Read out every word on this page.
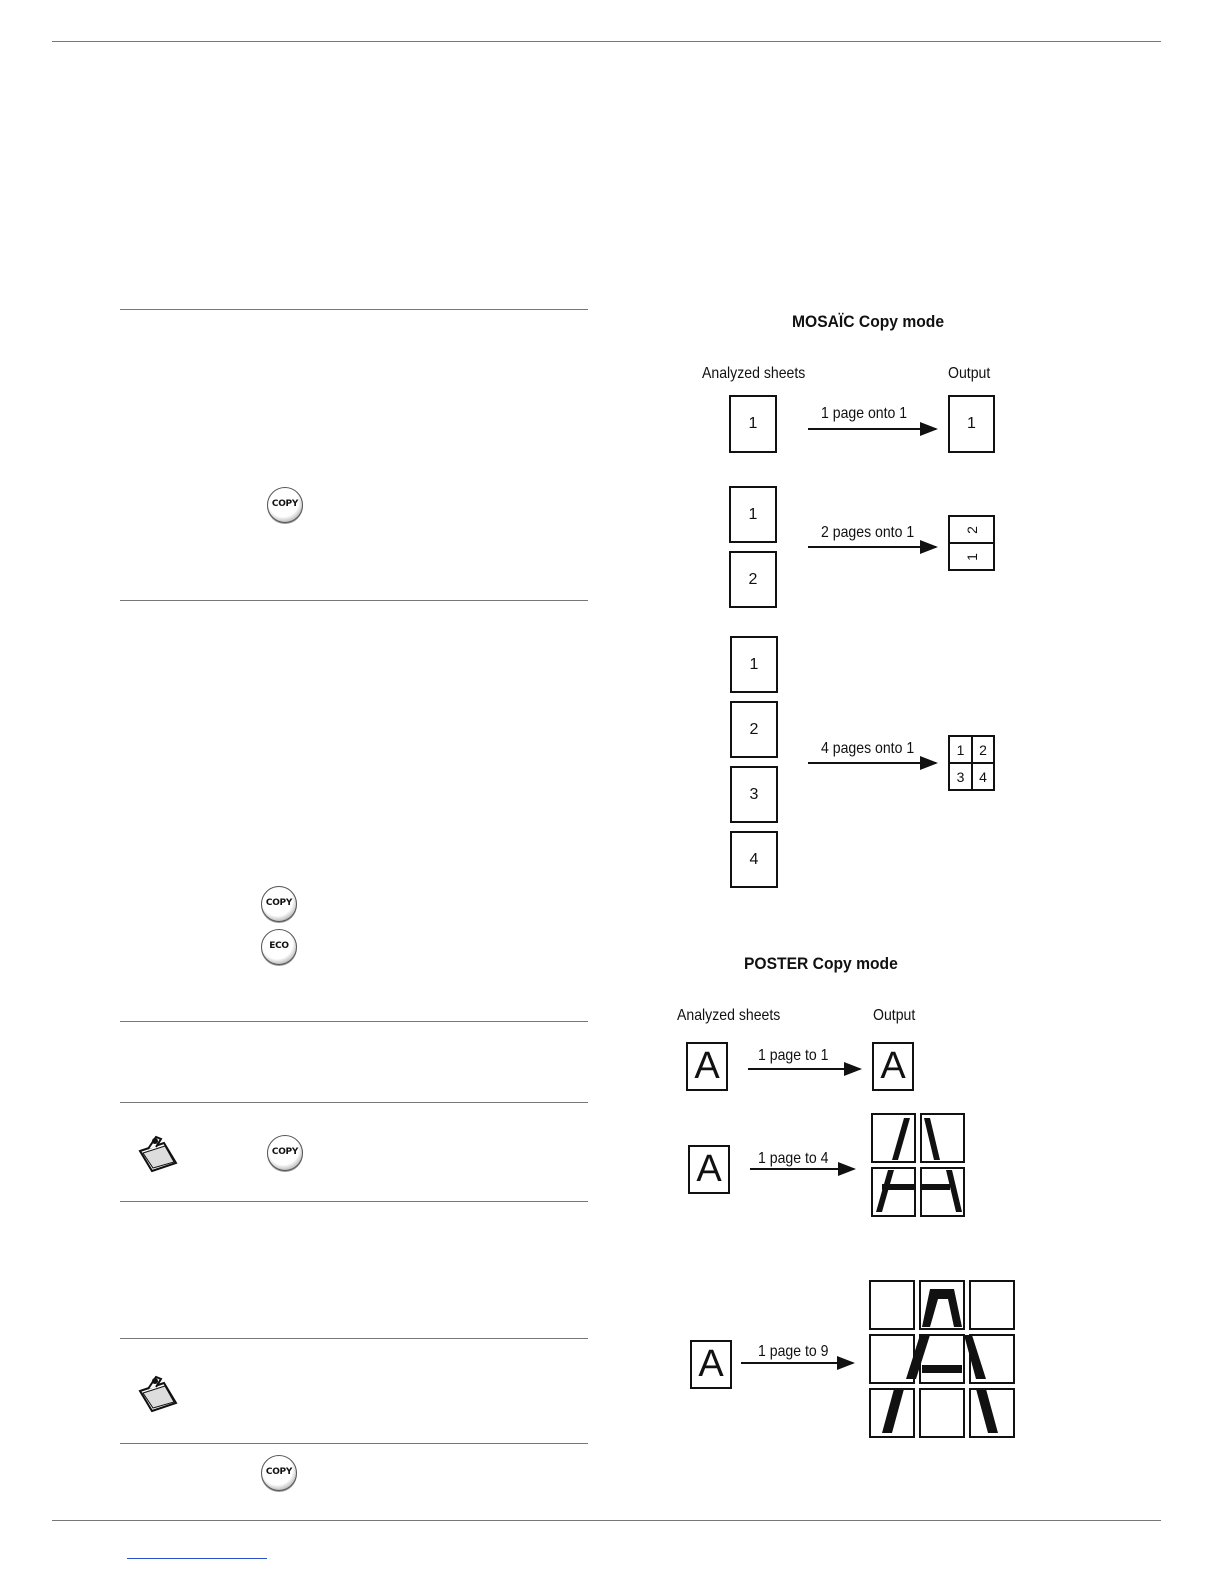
COPY
COPY
ECO
COPY
COPY
MOSAÏC Copy mode
Analyzed sheets	Output
1
1 page onto 1
1
1
2
2 pages onto 1	2
1
1
2
3
4
4 pages onto 1	1	2
3	4
POSTER Copy mode
Analyzed sheets	Output
A	1 page to 1 A
A	1 page to 4
A	1 page to 9
